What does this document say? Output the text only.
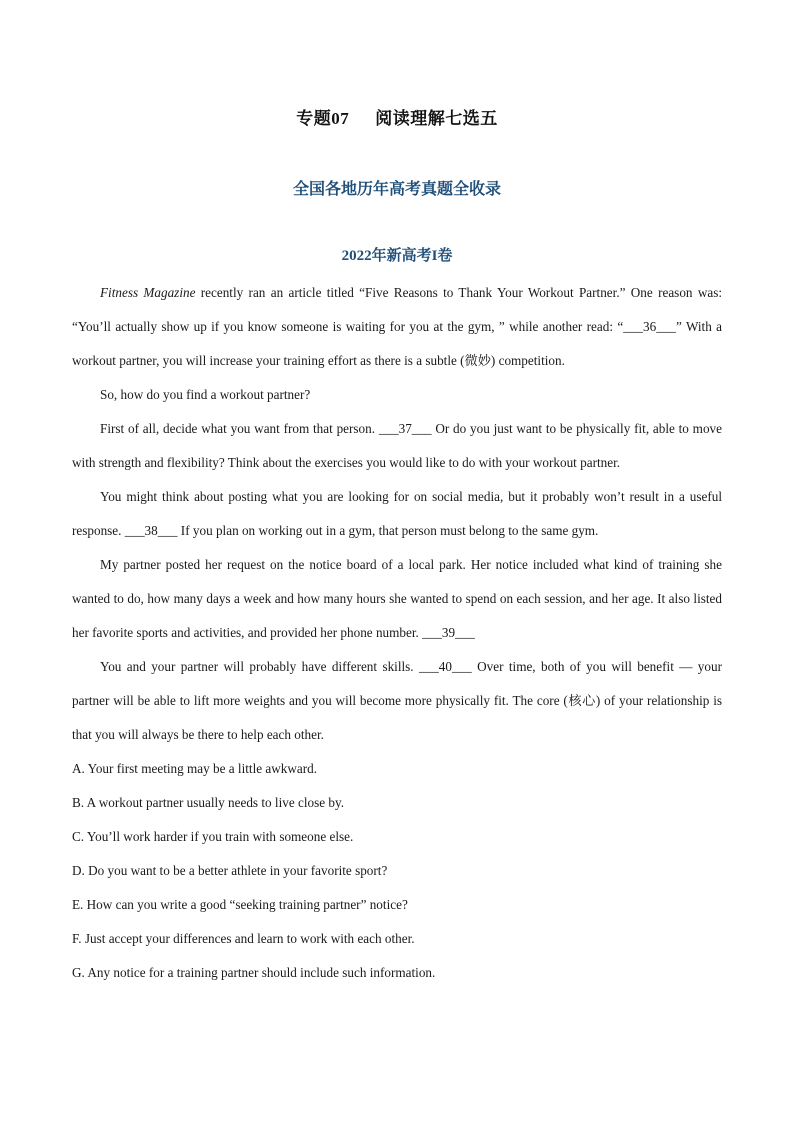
专题07 阅读理解七选五
全国各地历年高考真题全收录
2022年新高考I卷

Fitness Magazine recently ran an article titled “Five Reasons to Thank Your Workout Partner.” One reason was: “You’ll actually show up if you know someone is waiting for you at the gym, ” while another read: “___36___” With a workout partner, you will increase your training effort as there is a subtle (微妙) competition.

So, how do you find a workout partner?

First of all, decide what you want from that person. ___37___ Or do you just want to be physically fit, able to move with strength and flexibility? Think about the exercises you would like to do with your workout partner.

You might think about posting what you are looking for on social media, but it probably won’t result in a useful response. ___38___ If you plan on working out in a gym, that person must belong to the same gym.

My partner posted her request on the notice board of a local park. Her notice included what kind of training she wanted to do, how many days a week and how many hours she wanted to spend on each session, and her age. It also listed her favorite sports and activities, and provided her phone number. ___39___

You and your partner will probably have different skills. ___40___ Over time, both of you will benefit — your partner will be able to lift more weights and you will become more physically fit. The core (核心) of your relationship is that you will always be there to help each other.

A. Your first meeting may be a little awkward.

B. A workout partner usually needs to live close by.

C. You’ll work harder if you train with someone else.

D. Do you want to be a better athlete in your favorite sport?

E. How can you write a good “seeking training partner” notice?

F. Just accept your differences and learn to work with each other.

G. Any notice for a training partner should include such information.
